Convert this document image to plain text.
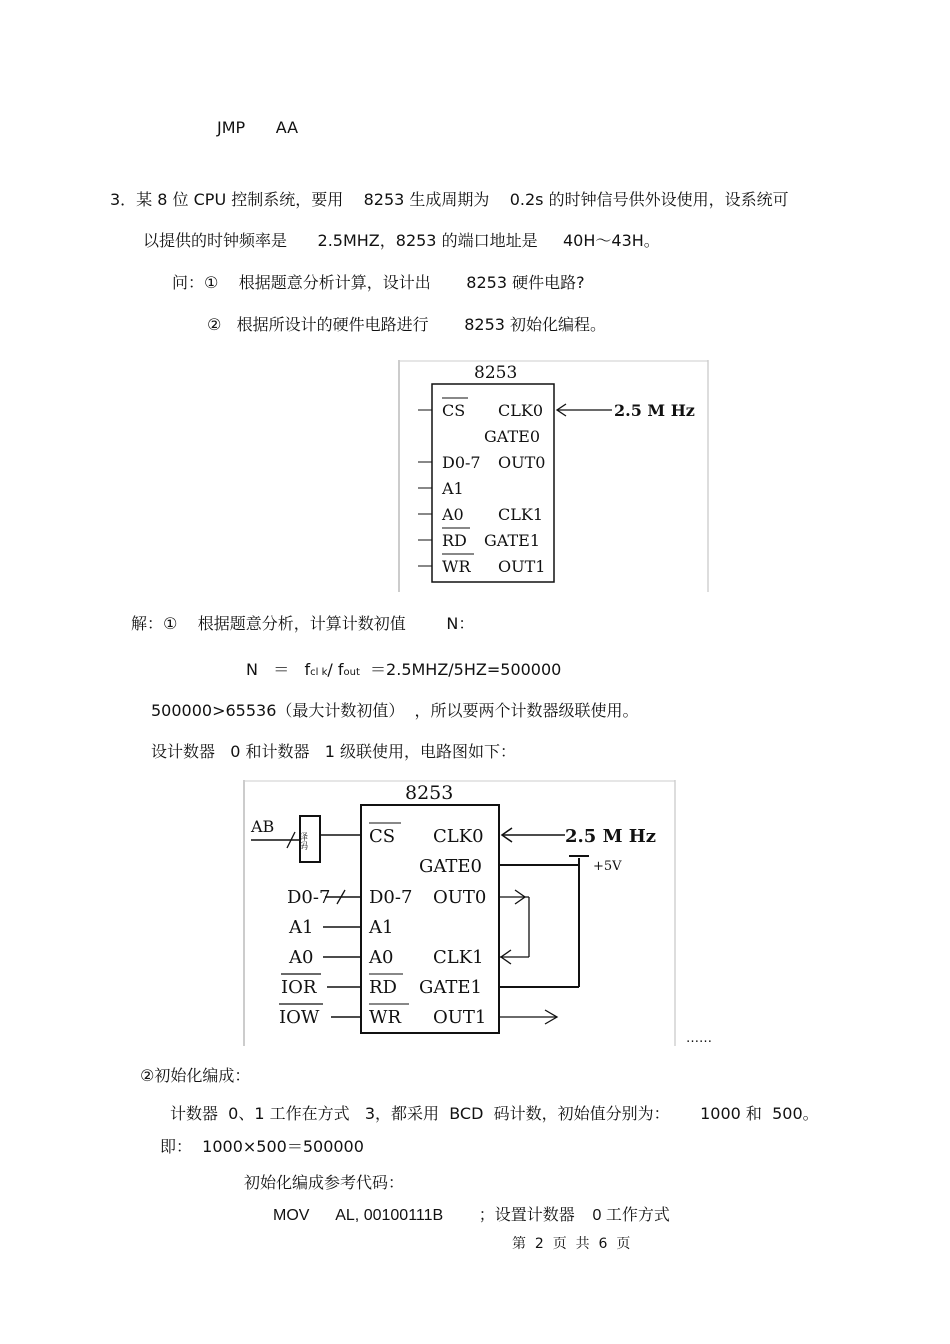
JMP      AA
3．某 8 位 CPU 控制系统，要用    8253 生成周期为    0.2s 的时钟信号供外设使用，设系统可
以提供的时钟频率是      2.5MHZ，8253 的端口地址是     40H～43H。
问：①    根据题意分析计算，设计出       8253 硬件电路?
②   根据所设计的硬件电路进行       8253 初始化编程。
8253
CS
D0-7
A1
A0
RD
WR
CLK0
GATE0
OUT0
CLK1
GATE1
OUT1
2.5 M Hz
解：①    根据题意分析，计算计数初值        N：
N   ＝   fcl k/ fout  ＝2.5MHZ/5HZ=500000
500000>65536（最大计数初值）  ，所以要两个计数器级联使用。
设计数器   0 和计数器   1 级联使用，电路图如下：
8253
AB
译码
D0-7
A1
A0
IOR
IOW
CS
D0-7
A1
A0
RD
WR
CLK0
GATE0
OUT0
CLK1
GATE1
OUT1
2.5 M Hz
+5V
……
②初始化编成：
计数器  0、1 工作在方式   3，都采用  BCD  码计数，初始值分别为：      1000 和  500。
即：  1000×500＝500000
初始化编成参考代码：
MOV      AL, 00100111B        ；设置计数器    0 工作方式
第  2  页  共  6  页
